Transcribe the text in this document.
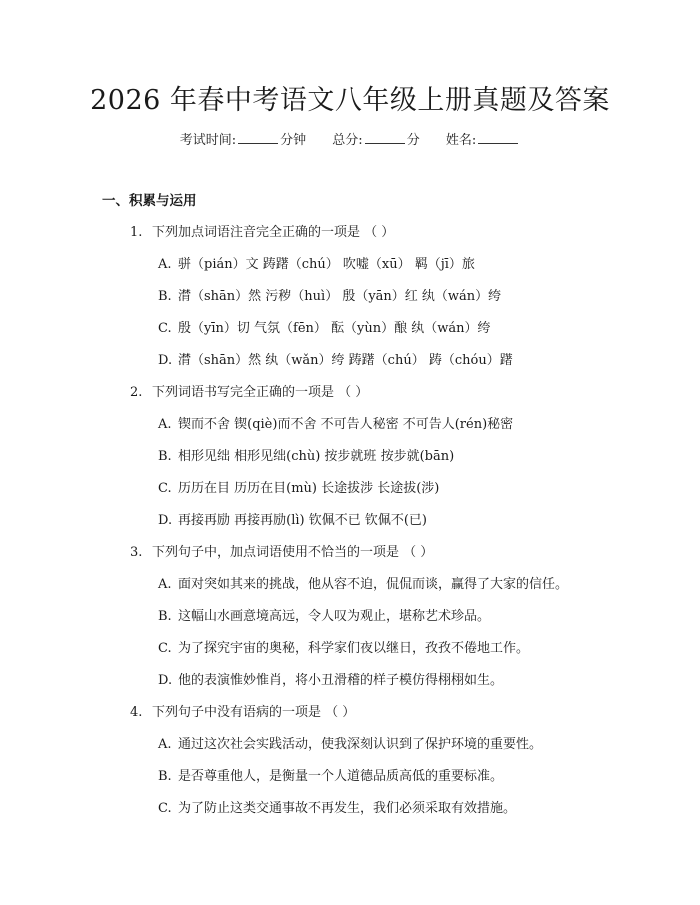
2026 年春中考语文八年级上册真题及答案
考试时间:	分钟 总分:	分 姓名:
一、积累与运用
1. 下列加点词语注音完全正确的一项是 （ ）
A. 骈（pián）文 踌躇（chú） 吹嘘（xū） 羁（jī）旅
B. 潸（shān）然 污秽（huì） 殷（yān）红 纨（wán）绔
C. 殷（yīn）切 气氛（fēn） 酝（yùn）酿 纨（wán）绔
D. 潸（shān）然 纨（wǎn）绔 踌躇（chú） 踌（chóu）躇
2. 下列词语书写完全正确的一项是 （ ）
A. 锲而不舍 锲(qiè)而不舍 不可告人秘密 不可告人(rén)秘密
B. 相形见绌 相形见绌(chù) 按步就班 按步就(bān)
C. 历历在目 历历在目(mù) 长途拔涉 长途拔(涉)
D. 再接再励 再接再励(lì) 钦佩不已 钦佩不(已)
3. 下列句子中，加点词语使用不恰当的一项是 （ ）
A. 面对突如其来的挑战，他从容不迫，侃侃而谈，赢得了大家的信任。
B. 这幅山水画意境高远，令人叹为观止，堪称艺术珍品。
C. 为了探究宇宙的奥秘，科学家们夜以继日，孜孜不倦地工作。
D. 他的表演惟妙惟肖，将小丑滑稽的样子模仿得栩栩如生。
4. 下列句子中没有语病的一项是 （ ）
A. 通过这次社会实践活动，使我深刻认识到了保护环境的重要性。
B. 是否尊重他人，是衡量一个人道德品质高低的重要标准。
C. 为了防止这类交通事故不再发生，我们必须采取有效措施。
